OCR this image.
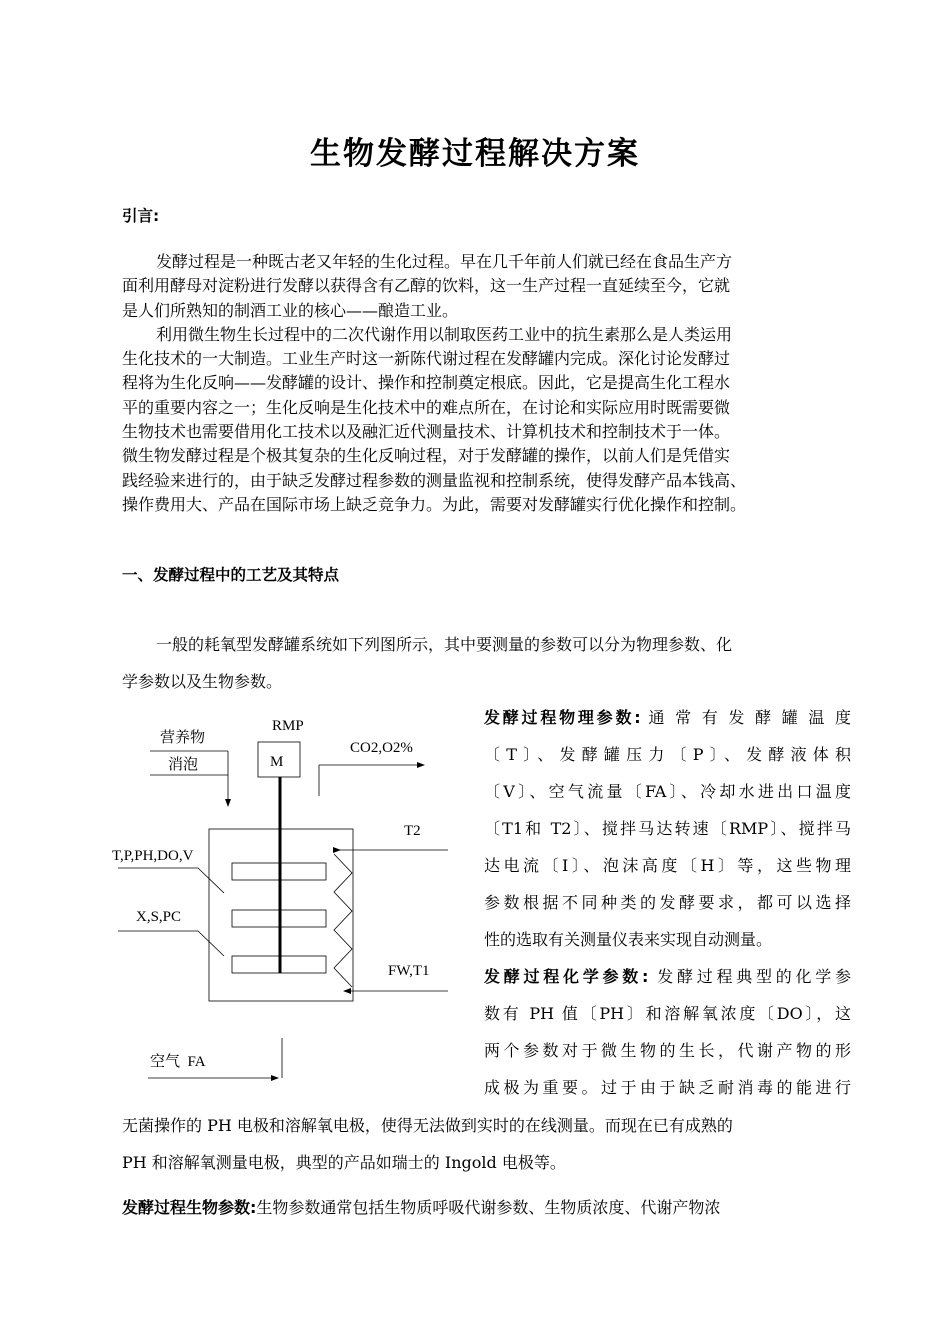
生物发酵过程解决方案
引言:
发酵过程是一种既古老又年轻的生化过程。早在几千年前人们就已经在食品生产方
面利用酵母对淀粉进行发酵以获得含有乙醇的饮料，这一生产过程一直延续至今，它就
是人们所熟知的制酒工业的核心——酿造工业。
利用微生物生长过程中的二次代谢作用以制取医药工业中的抗生素那么是人类运用
生化技术的一大制造。工业生产时这一新陈代谢过程在发酵罐内完成。深化讨论发酵过
程将为生化反响——发酵罐的设计、操作和控制奠定根底。因此，它是提高生化工程水
平的重要内容之一；生化反响是生化技术中的难点所在，在讨论和实际应用时既需要微
生物技术也需要借用化工技术以及融汇近代测量技术、计算机技术和控制技术于一体。
微生物发酵过程是个极其复杂的生化反响过程，对于发酵罐的操作，以前人们是凭借实
践经验来进行的，由于缺乏发酵过程参数的测量监视和控制系统，使得发酵产品本钱高、
操作费用大、产品在国际市场上缺乏竞争力。为此，需要对发酵罐实行优化操作和控制。
一、发酵过程中的工艺及其特点
一般的耗氧型发酵罐系统如下列图所示，其中要测量的参数可以分为物理参数、化
学参数以及生物参数。
营养物
消泡
RMP
M
CO2,O2%
T2
T,P,PH,DO,V
X,S,PC
FW,T1
空气  FA
发酵过程物理参数: 通 常 有 发 酵 罐 温 度
〔T〕、发酵罐压力〔P〕、发酵液体积
〔V〕、空气流量〔FA〕、冷却水进出口温度
〔T1和 T2〕、搅拌马达转速〔RMP〕、搅拌马
达电流〔I〕、泡沫高度〔H〕等，这些物理
参数根据不同种类的发酵要求，都可以选择
性的选取有关测量仪表来实现自动测量。
发酵过程化学参数: 发酵过程典型的化学参
数有 PH 值〔PH〕和溶解氧浓度〔DO〕，这
两个参数对于微生物的生长，代谢产物的形
成极为重要。过于由于缺乏耐消毒的能进行
无菌操作的 PH 电极和溶解氧电极，使得无法做到实时的在线测量。而现在已有成熟的
PH 和溶解氧测量电极，典型的产品如瑞士的 Ingold 电极等。
发酵过程生物参数:生物参数通常包括生物质呼吸代谢参数、生物质浓度、代谢产物浓
